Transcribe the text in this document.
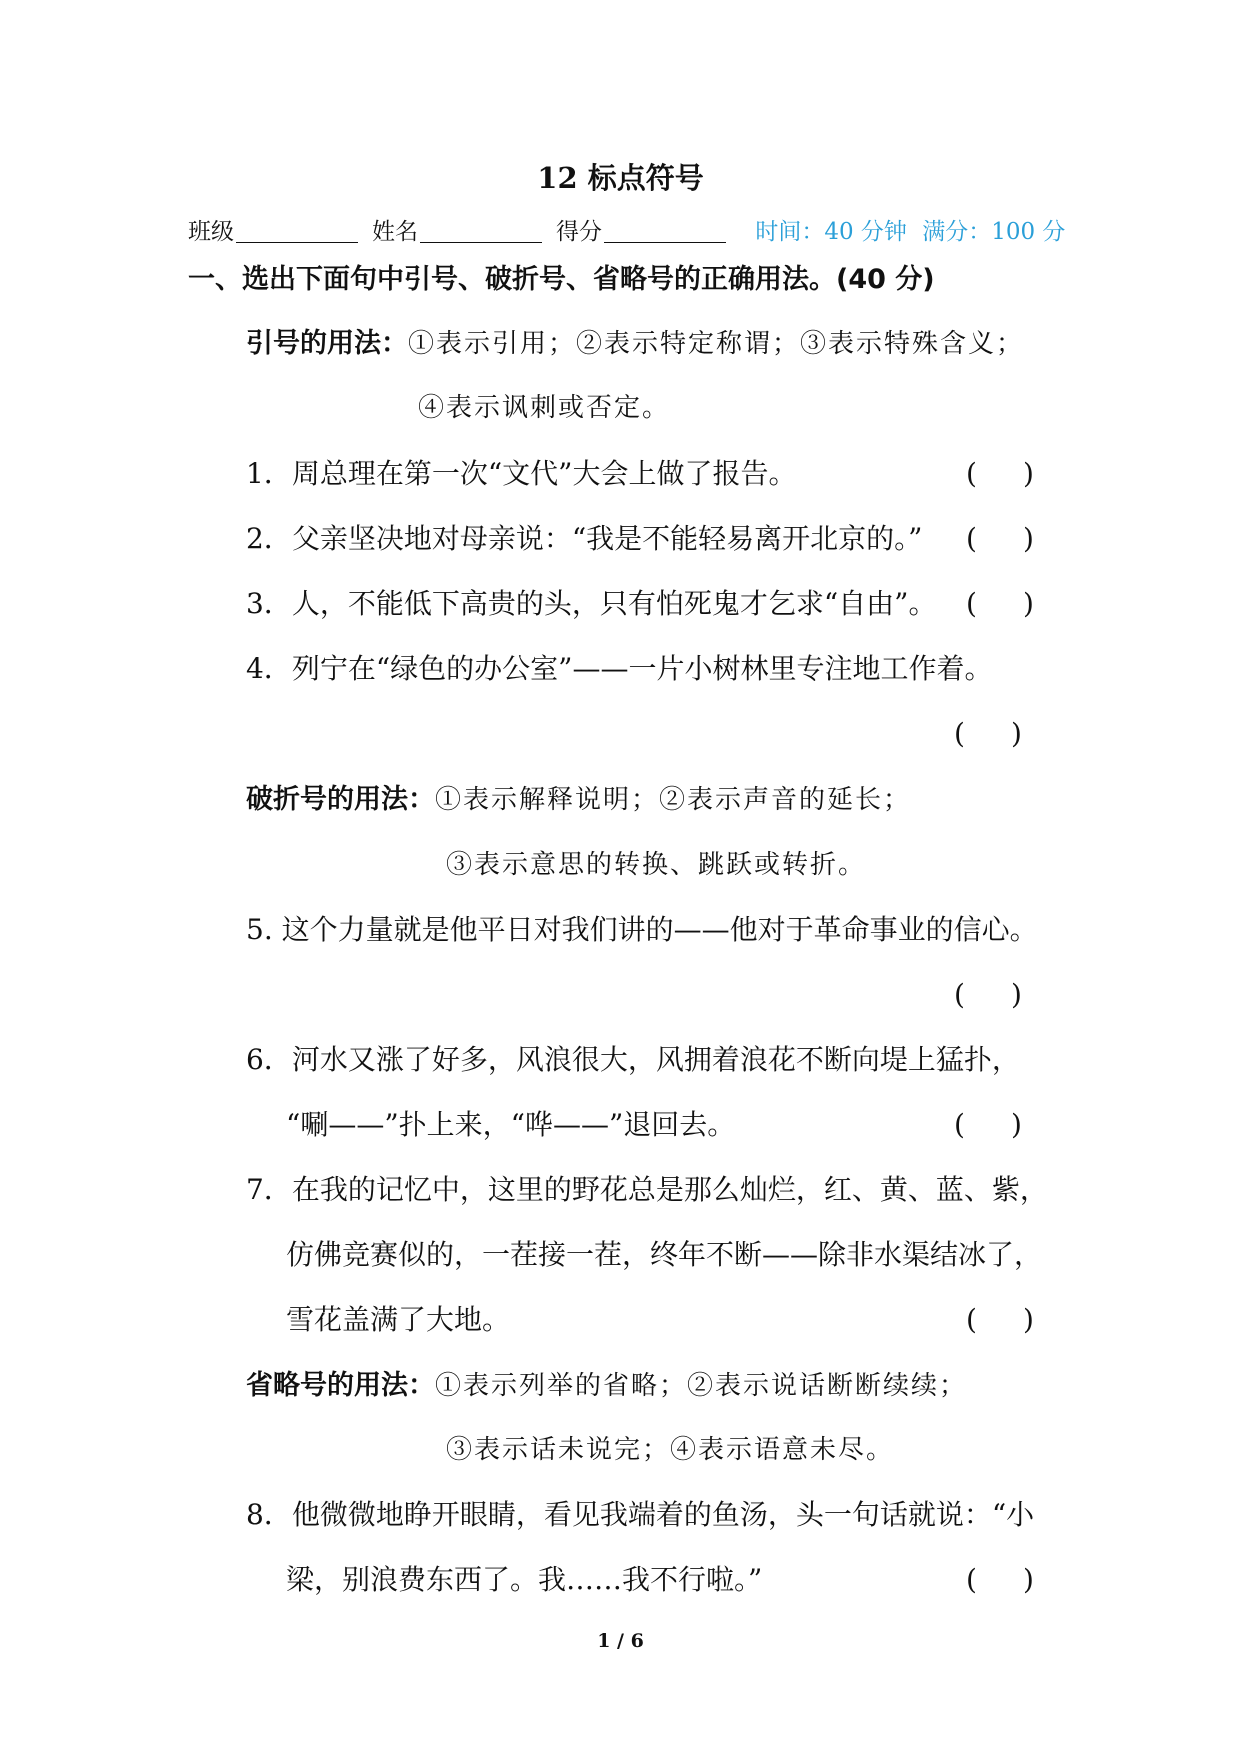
12 标点符号
班级	姓名	得分	时间：40 分钟 满分：100 分
一、选出下面句中引号、破折号、省略号的正确用法。(40 分)
引号的用法：①表示引用；②表示特定称谓；③表示特殊含义；
④表示讽刺或否定。
1．周总理在第一次“文代”大会上做了报告。	( )
2．父亲坚决地对母亲说：“我是不能轻易离开北京的。” ( )
3．人，不能低下高贵的头，只有怕死鬼才乞求“自由”。 ( )
4．列宁在“绿色的办公室”——一片小树林里专注地工作着。
( )
破折号的用法：①表示解释说明；②表示声音的延长；
③表示意思的转换、跳跃或转折。
5. 这个力量就是他平日对我们讲的——他对于革命事业的信心。
( )
6．河水又涨了好多，风浪很大，风拥着浪花不断向堤上猛扑，
“唰——”扑上来，“哗——”退回去。	( )
7．在我的记忆中，这里的野花总是那么灿烂，红、黄、蓝、紫，
仿佛竞赛似的，一茬接一茬，终年不断——除非水渠结冰了，
雪花盖满了大地。	( )
省略号的用法：①表示列举的省略；②表示说话断断续续；
③表示话未说完；④表示语意未尽。
8．他微微地睁开眼睛，看见我端着的鱼汤，头一句话就说：“小
梁，别浪费东西了。我……我不行啦。”	( )
1 / 6
